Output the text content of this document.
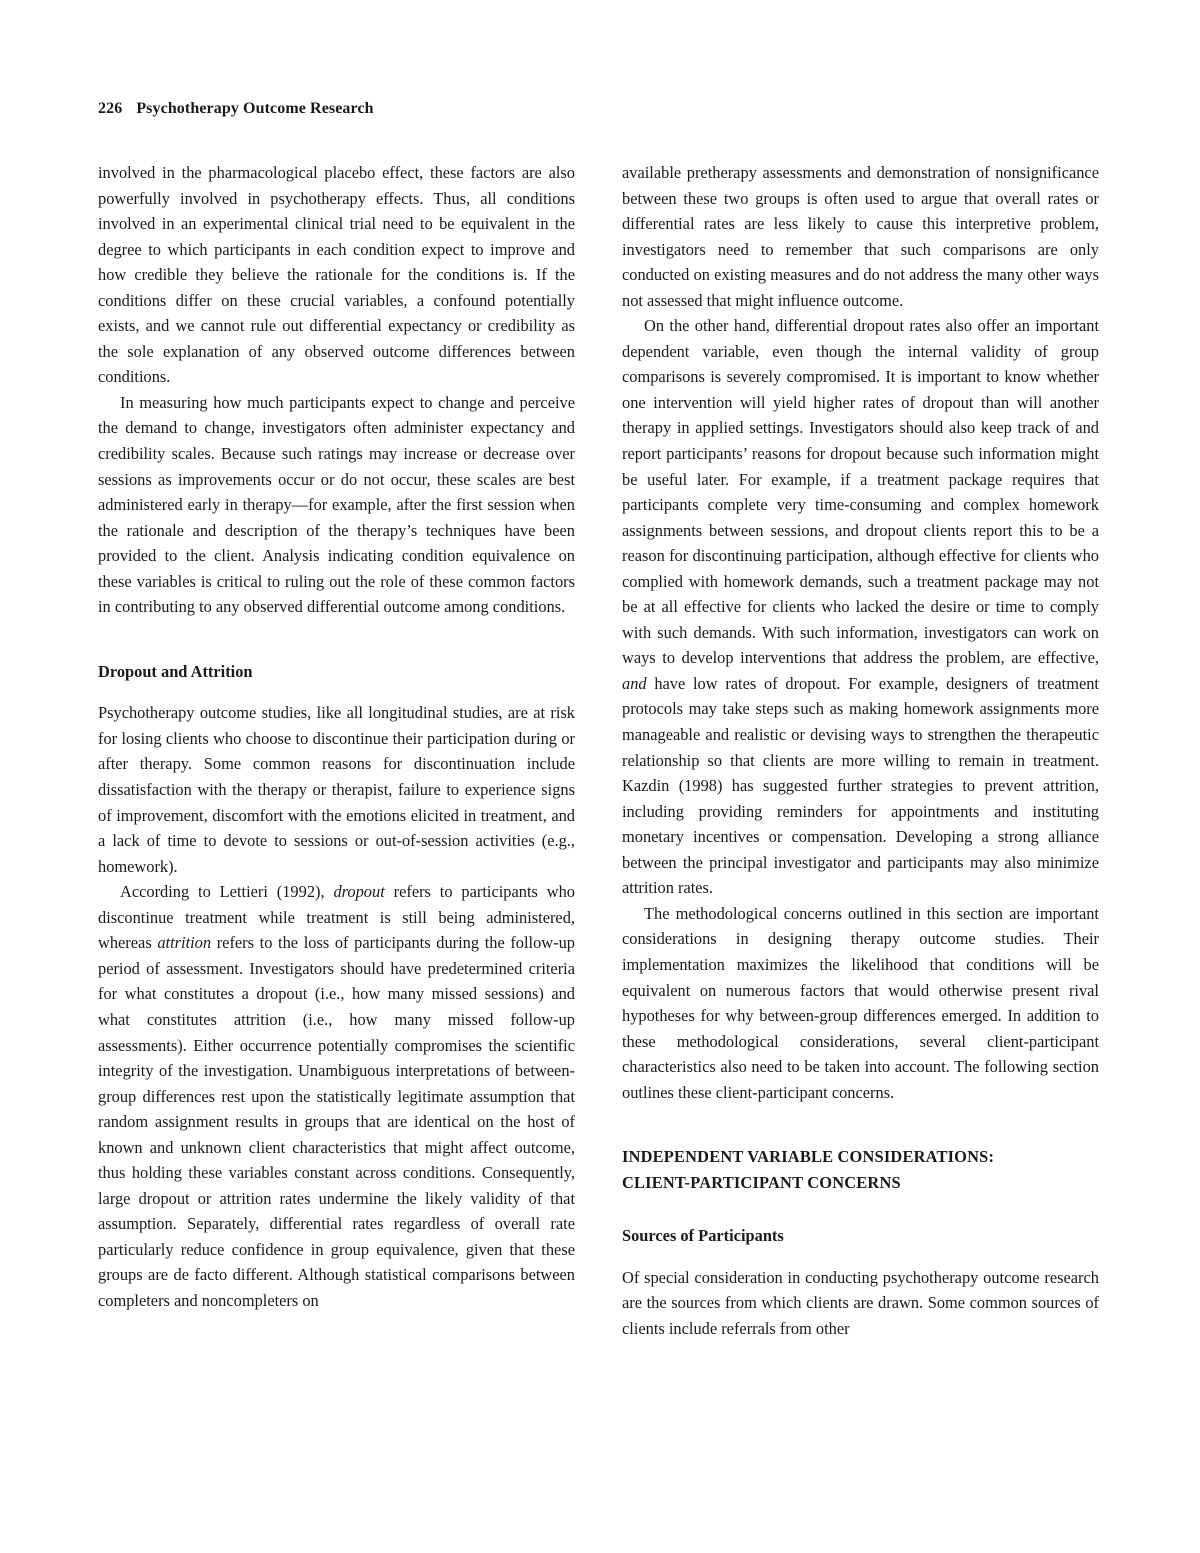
226 Psychotherapy Outcome Research

involved in the pharmacological placebo effect, these factors are also powerfully involved in psychotherapy effects. Thus, all conditions involved in an experimental clinical trial need to be equivalent in the degree to which participants in each condition expect to improve and how credible they believe the rationale for the conditions is. If the conditions differ on these crucial variables, a confound potentially exists, and we cannot rule out differential expectancy or credibility as the sole explanation of any observed outcome differences between conditions.

In measuring how much participants expect to change and perceive the demand to change, investigators often administer expectancy and credibility scales. Because such ratings may increase or decrease over sessions as improvements occur or do not occur, these scales are best administered early in therapy—for example, after the first session when the rationale and description of the therapy’s techniques have been provided to the client. Analysis indicating condition equivalence on these variables is critical to ruling out the role of these common factors in contributing to any observed differential outcome among conditions.

Dropout and Attrition

Psychotherapy outcome studies, like all longitudinal studies, are at risk for losing clients who choose to discontinue their participation during or after therapy. Some common reasons for discontinuation include dissatisfaction with the therapy or therapist, failure to experience signs of improvement, discomfort with the emotions elicited in treatment, and a lack of time to devote to sessions or out-of-session activities (e.g., homework).

According to Lettieri (1992), dropout refers to participants who discontinue treatment while treatment is still being administered, whereas attrition refers to the loss of participants during the follow-up period of assessment. Investigators should have predetermined criteria for what constitutes a dropout (i.e., how many missed sessions) and what constitutes attrition (i.e., how many missed follow-up assessments). Either occurrence potentially compromises the scientific integrity of the investigation. Unambiguous interpretations of between-group differences rest upon the statistically legitimate assumption that random assignment results in groups that are identical on the host of known and unknown client characteristics that might affect outcome, thus holding these variables constant across conditions. Consequently, large dropout or attrition rates undermine the likely validity of that assumption. Separately, differential rates regardless of overall rate particularly reduce confidence in group equivalence, given that these groups are de facto different. Although statistical comparisons between completers and noncompleters on

available pretherapy assessments and demonstration of nonsignificance between these two groups is often used to argue that overall rates or differential rates are less likely to cause this interpretive problem, investigators need to remember that such comparisons are only conducted on existing measures and do not address the many other ways not assessed that might influence outcome.

On the other hand, differential dropout rates also offer an important dependent variable, even though the internal validity of group comparisons is severely compromised. It is important to know whether one intervention will yield higher rates of dropout than will another therapy in applied settings. Investigators should also keep track of and report participants’ reasons for dropout because such information might be useful later. For example, if a treatment package requires that participants complete very time-consuming and complex homework assignments between sessions, and dropout clients report this to be a reason for discontinuing participation, although effective for clients who complied with homework demands, such a treatment package may not be at all effective for clients who lacked the desire or time to comply with such demands. With such information, investigators can work on ways to develop interventions that address the problem, are effective, and have low rates of dropout. For example, designers of treatment protocols may take steps such as making homework assignments more manageable and realistic or devising ways to strengthen the therapeutic relationship so that clients are more willing to remain in treatment. Kazdin (1998) has suggested further strategies to prevent attrition, including providing reminders for appointments and instituting monetary incentives or compensation. Developing a strong alliance between the principal investigator and participants may also minimize attrition rates.

The methodological concerns outlined in this section are important considerations in designing therapy outcome studies. Their implementation maximizes the likelihood that conditions will be equivalent on numerous factors that would otherwise present rival hypotheses for why between-group differences emerged. In addition to these methodological considerations, several client-participant characteristics also need to be taken into account. The following section outlines these client-participant concerns.

INDEPENDENT VARIABLE CONSIDERATIONS:
CLIENT-PARTICIPANT CONCERNS
Sources of Participants

Of special consideration in conducting psychotherapy outcome research are the sources from which clients are drawn. Some common sources of clients include referrals from other
